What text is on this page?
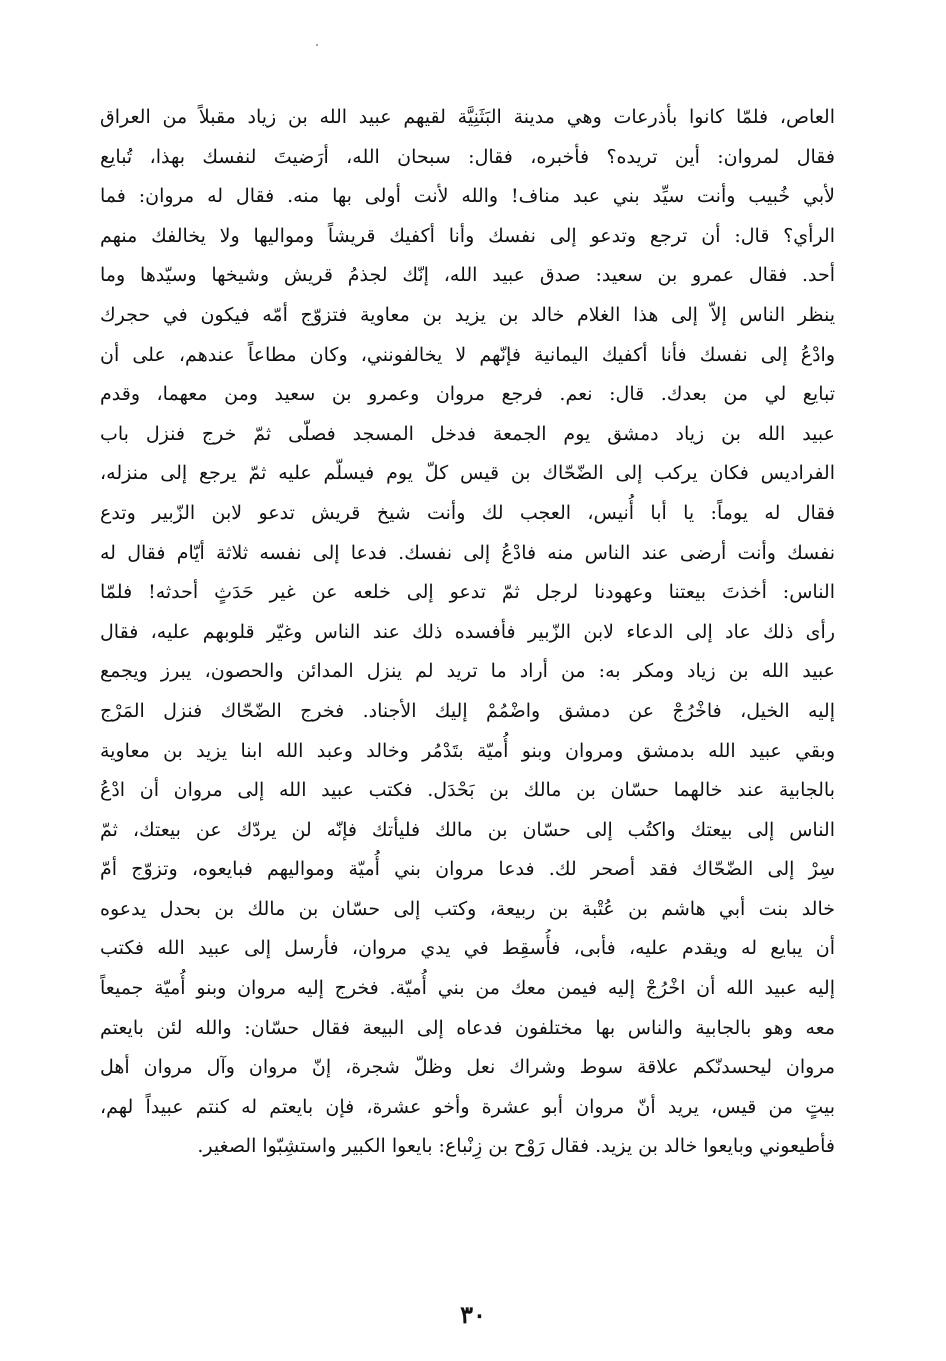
العاص، فلمّا كانوا بأذرعات وهي مدينة البَثَنِيَّة لقيهم عبيد الله بن زياد مقبلاً من العراق
فقال لمروان: أين تريده؟ فأخبره، فقال: سبحان الله، أرَضيتَ لنفسك بهذا، تُبايع
لأبي خُبيب وأنت سيِّد بني عبد مناف! والله لأنت أولى بها منه. فقال له مروان: فما
الرأي؟ قال: أن ترجع وتدعو إلى نفسك وأنا أكفيك قريشاً ومواليها ولا يخالفك منهم
أحد. فقال عمرو بن سعيد: صدق عبيد الله، إنّك لجذمُ قريش وشيخها وسيّدها وما
ينظر الناس إلاّ إلى هذا الغلام خالد بن يزيد بن معاوية فتزوّج أمّه فيكون في حجرك
وادْعُ إلى نفسك فأنا أكفيك اليمانية فإنّهم لا يخالفونني، وكان مطاعاً عندهم، على أن
تبايع لي من بعدك. قال: نعم. فرجع مروان وعمرو بن سعيد ومن معهما، وقدم
عبيد الله بن زياد دمشق يوم الجمعة فدخل المسجد فصلّى ثمّ خرج فنزل باب
الفراديس فكان يركب إلى الضّحّاك بن قيس كلّ يوم فيسلّم عليه ثمّ يرجع إلى منزله،
فقال له يوماً: يا أبا أُنيس، العجب لك وأنت شيخ قريش تدعو لابن الزّبير وتدع
نفسك وأنت أرضى عند الناس منه فادْعُ إلى نفسك. فدعا إلى نفسه ثلاثة أيّام فقال له
الناس: أخذتَ بيعتنا وعهودنا لرجل ثمّ تدعو إلى خلعه عن غير حَدَثٍ أحدثه! فلمّا
رأى ذلك عاد إلى الدعاء لابن الزّبير فأفسده ذلك عند الناس وغيّر قلوبهم عليه، فقال
عبيد الله بن زياد ومكر به: من أراد ما تريد لم ينزل المدائن والحصون، يبرز ويجمع
إليه الخيل، فاخْرُجْ عن دمشق واضْمُمْ إليك الأجناد. فخرج الضّحّاك فنزل المَرْج
وبقي عبيد الله بدمشق ومروان وبنو أُميّة بتَدْمُر وخالد وعبد الله ابنا يزيد بن معاوية
بالجابية عند خالهما حسّان بن مالك بن بَحْدَل. فكتب عبيد الله إلى مروان أن ادْعُ
الناس إلى بيعتك واكتُب إلى حسّان بن مالك فليأتك فإنّه لن يردّك عن بيعتك، ثمّ
سِرْ إلى الضّحّاك فقد أصحر لك. فدعا مروان بني أُميّة ومواليهم فبايعوه، وتزوّج أمّ
خالد بنت أبي هاشم بن عُتْبة بن ربيعة، وكتب إلى حسّان بن مالك بن بحدل يدعوه
أن يبايع له ويقدم عليه، فأبى، فأُسقِط في يدي مروان، فأرسل إلى عبيد الله فكتب
إليه عبيد الله أن اخْرُجْ إليه فيمن معك من بني أُميّة. فخرج إليه مروان وبنو أُميّة جميعاً
معه وهو بالجابية والناس بها مختلفون فدعاه إلى البيعة فقال حسّان: والله لئن بايعتم
مروان ليحسدنّكم علاقة سوط وشراك نعل وظلّ شجرة، إنّ مروان وآل مروان أهل
بيتٍ من قيس، يريد أنّ مروان أبو عشرة وأخو عشرة، فإن بايعتم له كنتم عبيداً لهم،
فأطيعوني وبايعوا خالد بن يزيد. فقال رَوْح بن زِنْباع: بايعوا الكبير واستشِبّوا الصغير.
٣٠
